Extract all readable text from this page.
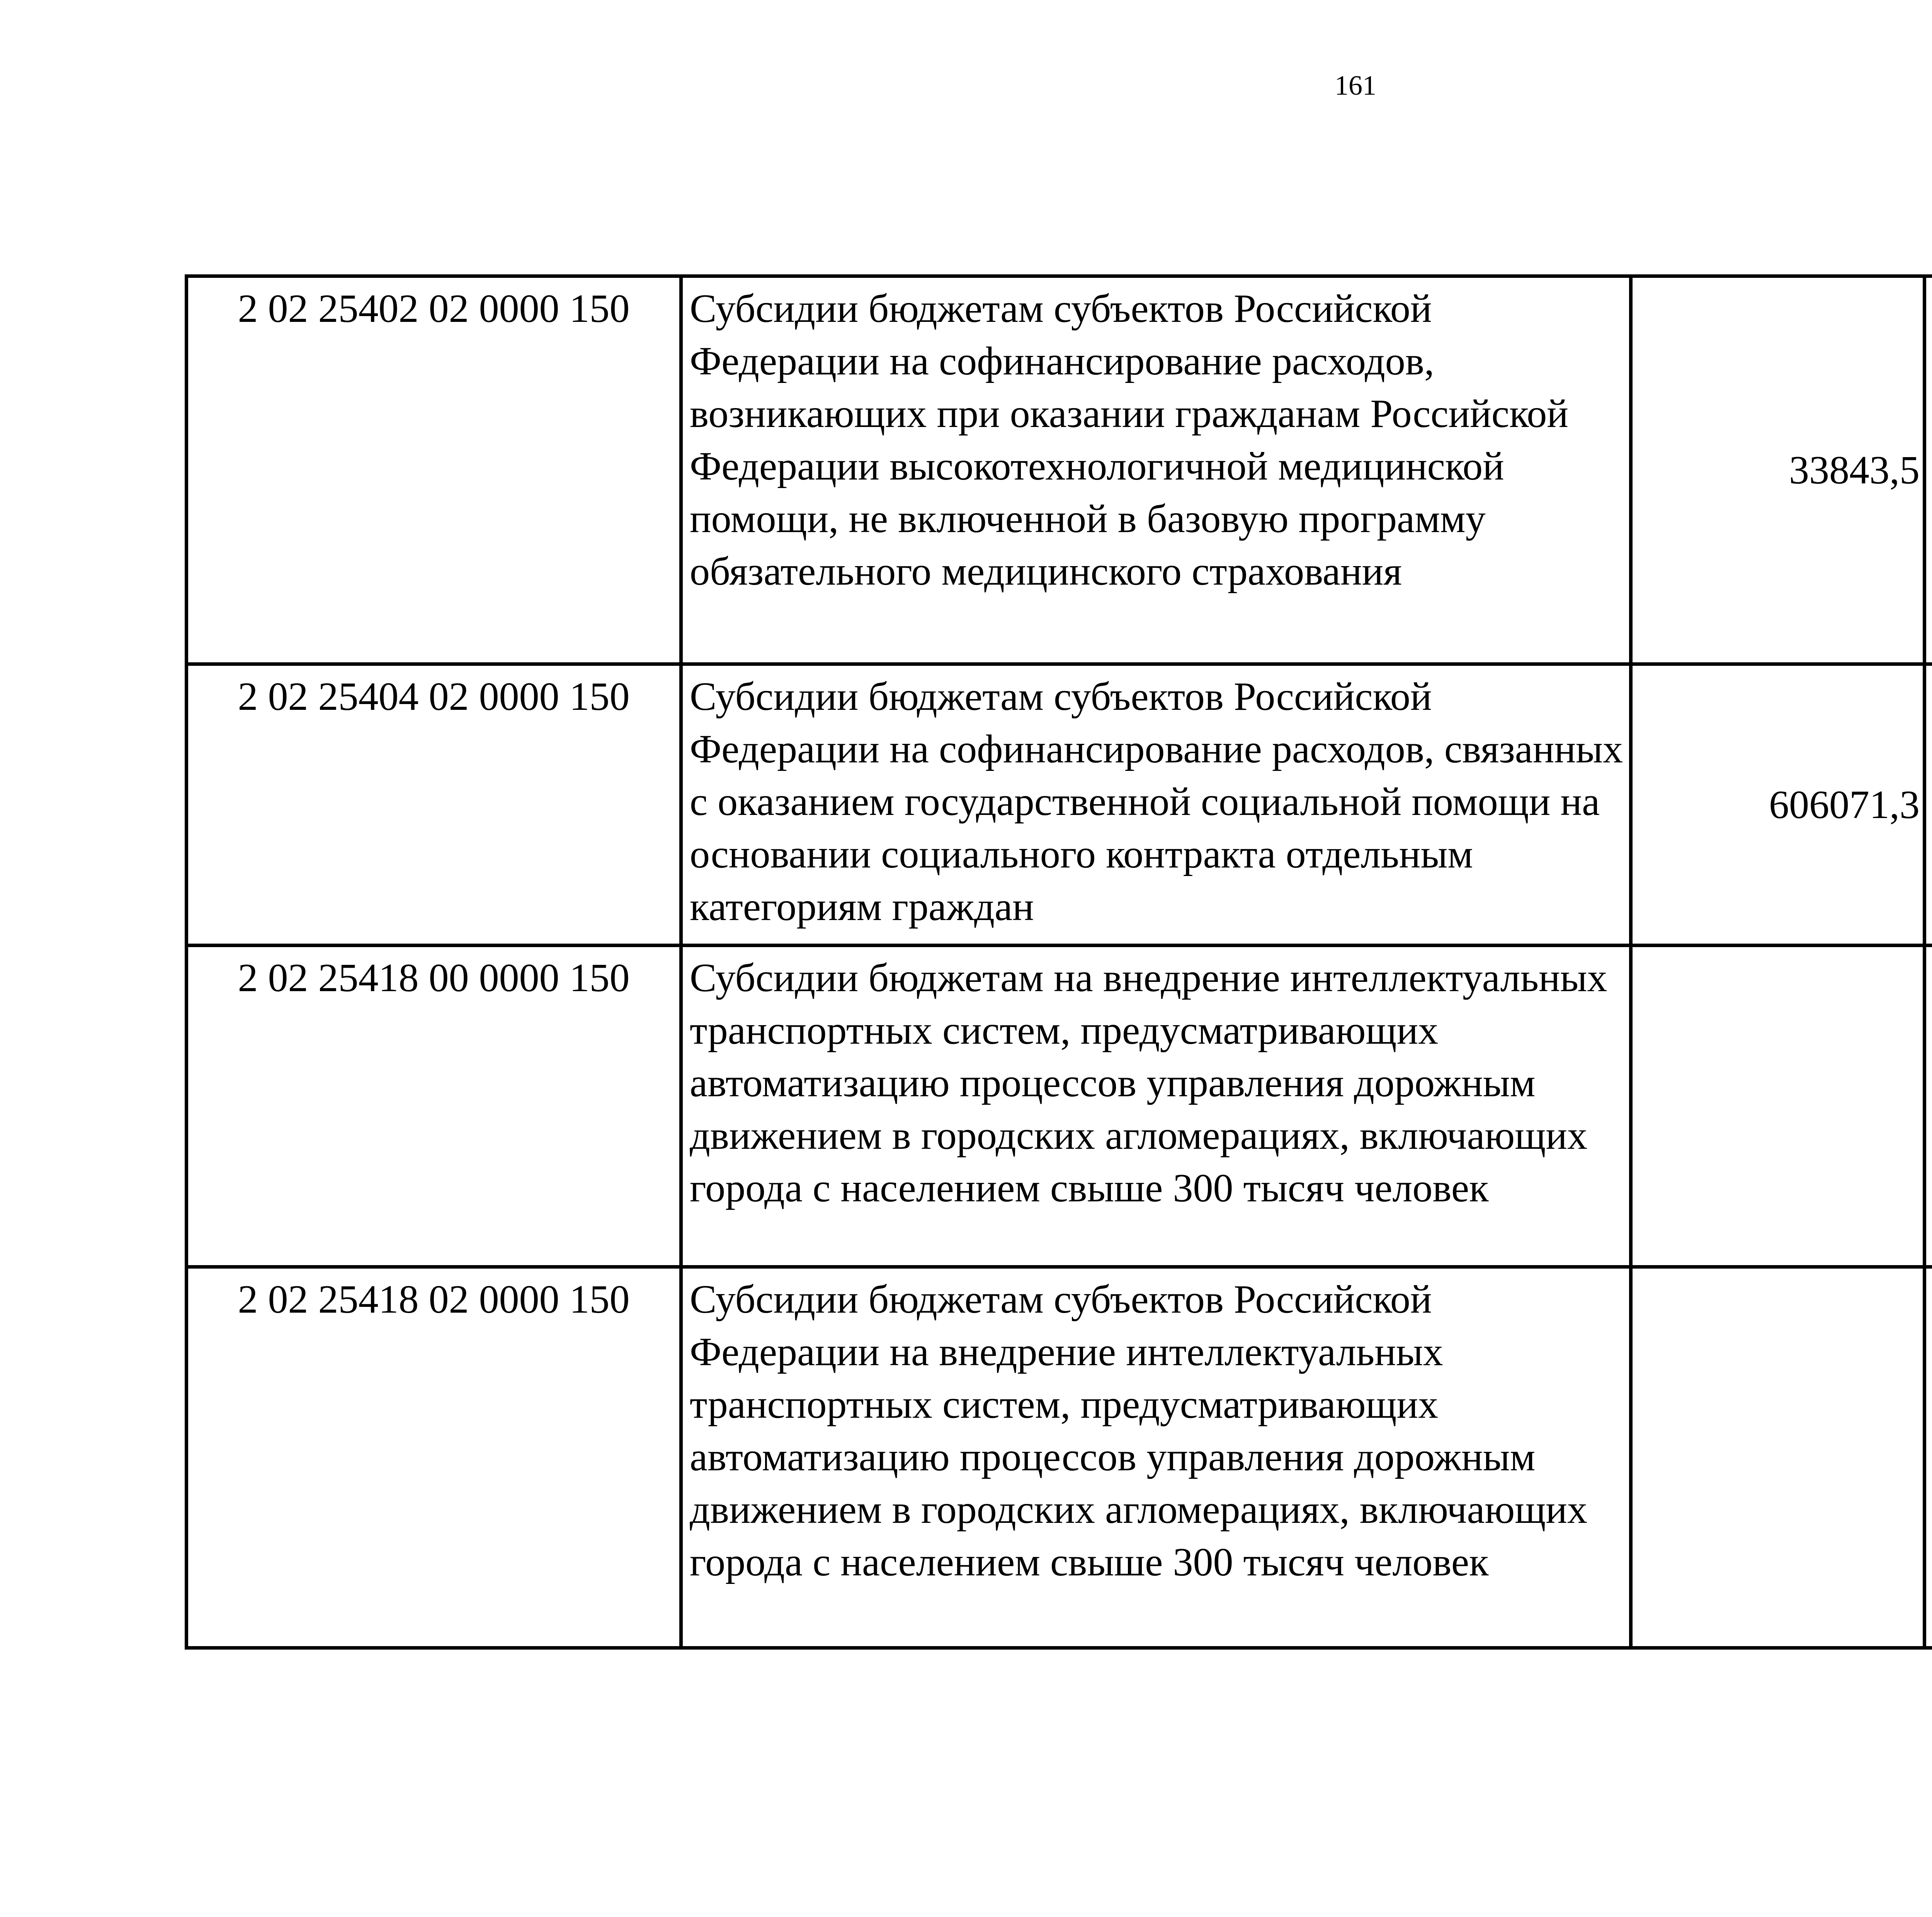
161
2 02 25402 02 0000 150	Субсидии бюджетам субъектов Российской Федерации на софинансирование расходов, возникающих при оказании гражданам Российской Федерации высокотехнологичной медицинской помощи, не включенной в базовую программу обязательного медицинского страхования	33843,5		
2 02 25404 02 0000 150	Субсидии бюджетам субъектов Российской Федерации на софинансирование расходов, связанных с оказанием государственной социальной помощи на основании социального контракта отдельным категориям граждан	606071,3		
2 02 25418 00 0000 150	Субсидии бюджетам на внедрение интеллектуальных транспортных систем, предусматривающих автоматизацию процессов управления дорожным движением в городских агломерациях, включающих города с населением свыше 300 тысяч человек			
2 02 25418 02 0000 150	Субсидии бюджетам субъектов Российской Федерации на внедрение интеллектуальных транспортных систем, предусматривающих автоматизацию процессов управления дорожным движением в городских агломерациях, включающих города с населением свыше 300 тысяч человек			
